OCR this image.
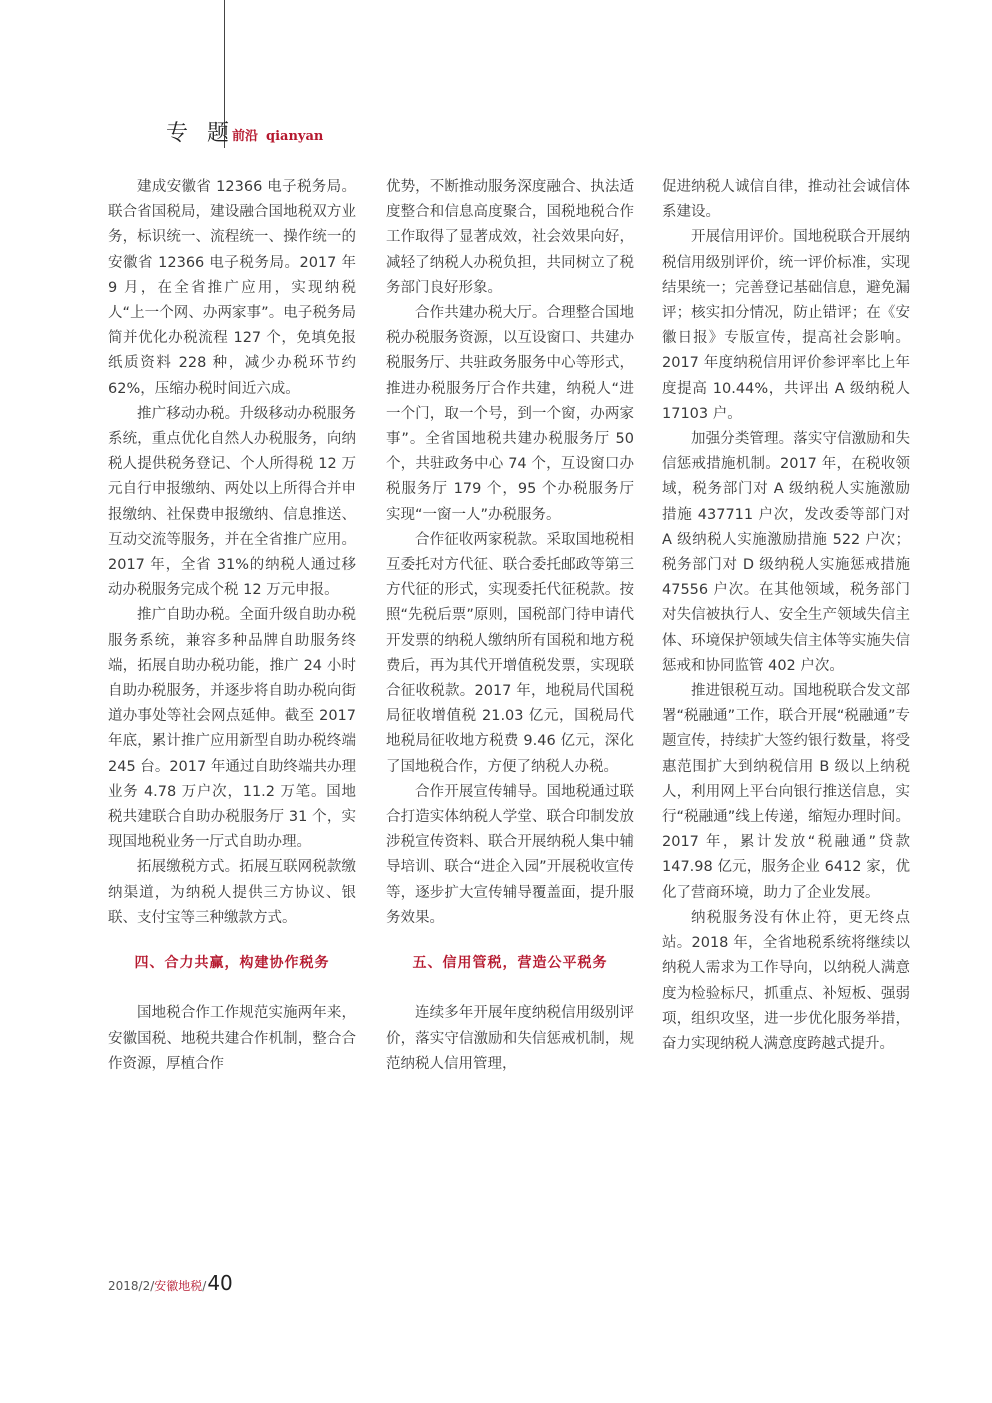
专 题
前沿 qianyan

建成安徽省 12366 电子税务局。联合省国税局，建设融合国地税双方业务，标识统一、流程统一、操作统一的安徽省 12366 电子税务局。2017 年 9 月，在全省推广应用，实现纳税人“上一个网、办两家事”。电子税务局简并优化办税流程 127 个，免填免报纸质资料 228 种，减少办税环节约 62%，压缩办税时间近六成。

推广移动办税。升级移动办税服务系统，重点优化自然人办税服务，向纳税人提供税务登记、个人所得税 12 万元自行申报缴纳、两处以上所得合并申报缴纳、社保费申报缴纳、信息推送、互动交流等服务，并在全省推广应用。2017 年，全省 31%的纳税人通过移动办税服务完成个税 12 万元申报。

推广自助办税。全面升级自助办税服务系统，兼容多种品牌自助服务终端，拓展自助办税功能，推广 24 小时自助办税服务，并逐步将自助办税向街道办事处等社会网点延伸。截至 2017 年底，累计推广应用新型自助办税终端 245 台。2017 年通过自助终端共办理业务 4.78 万户次，11.2 万笔。国地税共建联合自助办税服务厅 31 个，实现国地税业务一厅式自助办理。

拓展缴税方式。拓展互联网税款缴纳渠道，为纳税人提供三方协议、银联、支付宝等三种缴款方式。

四、合力共赢，构建协作税务

国地税合作工作规范实施两年来，安徽国税、地税共建合作机制，整合合作资源，厚植合作

优势，不断推动服务深度融合、执法适度整合和信息高度聚合，国税地税合作工作取得了显著成效，社会效果向好，减轻了纳税人办税负担，共同树立了税务部门良好形象。

合作共建办税大厅。合理整合国地税办税服务资源，以互设窗口、共建办税服务厅、共驻政务服务中心等形式，推进办税服务厅合作共建，纳税人“进一个门，取一个号，到一个窗，办两家事”。全省国地税共建办税服务厅 50 个，共驻政务中心 74 个，互设窗口办税服务厅 179 个，95 个办税服务厅实现“一窗一人”办税服务。

合作征收两家税款。采取国地税相互委托对方代征、联合委托邮政等第三方代征的形式，实现委托代征税款。按照“先税后票”原则，国税部门待申请代开发票的纳税人缴纳所有国税和地方税费后，再为其代开增值税发票，实现联合征收税款。2017 年，地税局代国税局征收增值税 21.03 亿元，国税局代地税局征收地方税费 9.46 亿元，深化了国地税合作，方便了纳税人办税。

合作开展宣传辅导。国地税通过联合打造实体纳税人学堂、联合印制发放涉税宣传资料、联合开展纳税人集中辅导培训、联合“进企入园”开展税收宣传等，逐步扩大宣传辅导覆盖面，提升服务效果。

五、信用管税，营造公平税务

连续多年开展年度纳税信用级别评价，落实守信激励和失信惩戒机制，规范纳税人信用管理，

促进纳税人诚信自律，推动社会诚信体系建设。

开展信用评价。国地税联合开展纳税信用级别评价，统一评价标准，实现结果统一；完善登记基础信息，避免漏评；核实扣分情况，防止错评；在《安徽日报》专版宣传，提高社会影响。2017 年度纳税信用评价参评率比上年度提高 10.44%，共评出 A 级纳税人 17103 户。

加强分类管理。落实守信激励和失信惩戒措施机制。2017 年，在税收领域，税务部门对 A 级纳税人实施激励措施 437711 户次，发改委等部门对 A 级纳税人实施激励措施 522 户次；税务部门对 D 级纳税人实施惩戒措施 47556 户次。在其他领域，税务部门对失信被执行人、安全生产领域失信主体、环境保护领域失信主体等实施失信惩戒和协同监管 402 户次。

推进银税互动。国地税联合发文部署“税融通”工作，联合开展“税融通”专题宣传，持续扩大签约银行数量，将受惠范围扩大到纳税信用 B 级以上纳税人，利用网上平台向银行推送信息，实行“税融通”线上传递，缩短办理时间。2017 年，累计发放“税融通”贷款 147.98 亿元，服务企业 6412 家，优化了营商环境，助力了企业发展。

纳税服务没有休止符，更无终点站。2018 年，全省地税系统将继续以纳税人需求为工作导向，以纳税人满意度为检验标尺，抓重点、补短板、强弱项，组织攻坚，进一步优化服务举措，奋力实现纳税人满意度跨越式提升。

2018/2/安徽地税/40
